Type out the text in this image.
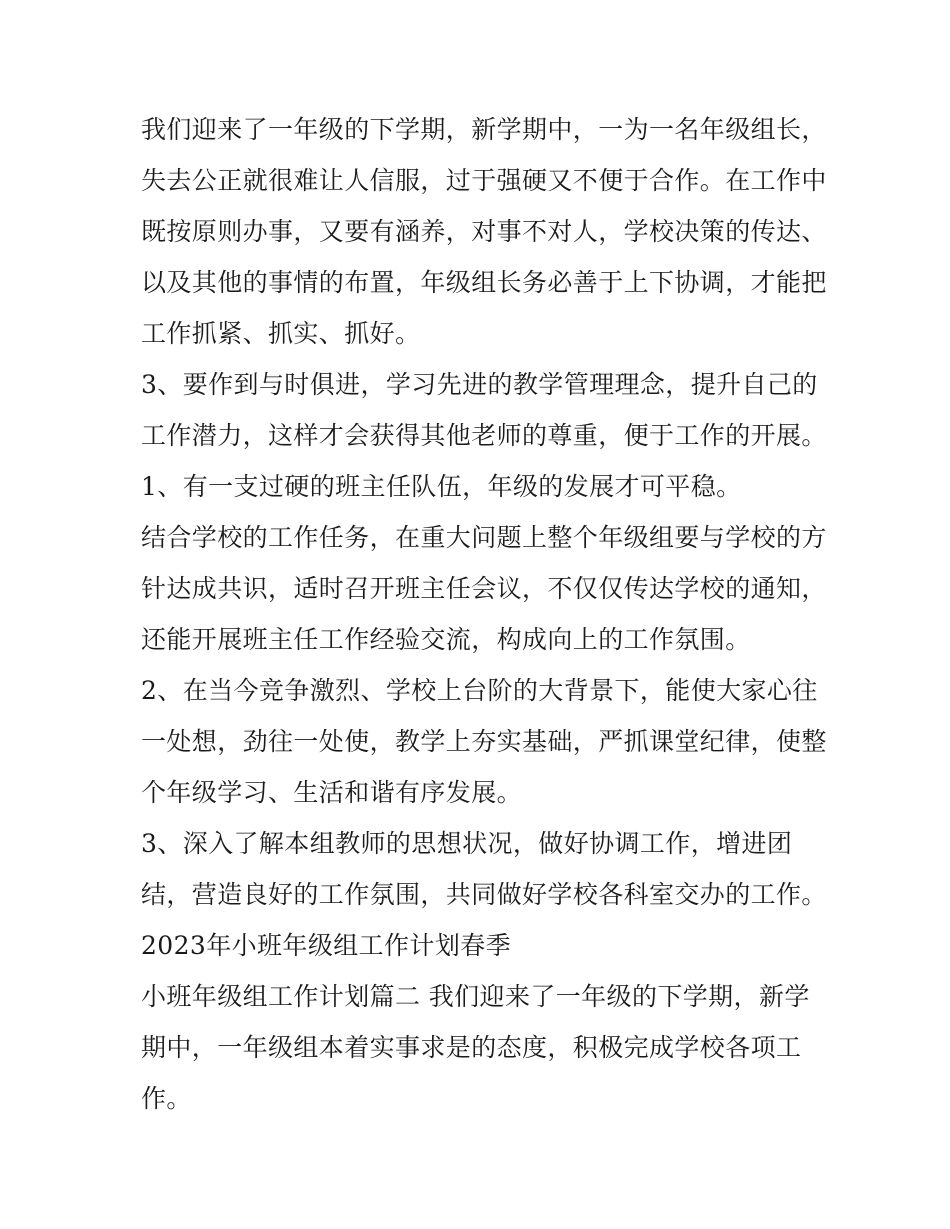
我们迎来了一年级的下学期，新学期中，一为一名年级组长，
失去公正就很难让人信服，过于强硬又不便于合作。在工作中
既按原则办事，又要有涵养，对事不对人，学校决策的传达、
以及其他的事情的布置，年级组长务必善于上下协调，才能把
工作抓紧、抓实、抓好。
3、要作到与时俱进，学习先进的教学管理理念，提升自己的
工作潜力，这样才会获得其他老师的尊重，便于工作的开展。
1、有一支过硬的班主任队伍，年级的发展才可平稳。
结合学校的工作任务，在重大问题上整个年级组要与学校的方
针达成共识，适时召开班主任会议，不仅仅传达学校的通知，
还能开展班主任工作经验交流，构成向上的工作氛围。
2、在当今竞争激烈、学校上台阶的大背景下，能使大家心往
一处想，劲往一处使，教学上夯实基础，严抓课堂纪律，使整
个年级学习、生活和谐有序发展。
3、深入了解本组教师的思想状况，做好协调工作，增进团
结，营造良好的工作氛围，共同做好学校各科室交办的工作。
2023年小班年级组工作计划春季
小班年级组工作计划篇二 我们迎来了一年级的下学期，新学
期中，一年级组本着实事求是的态度，积极完成学校各项工
作。
